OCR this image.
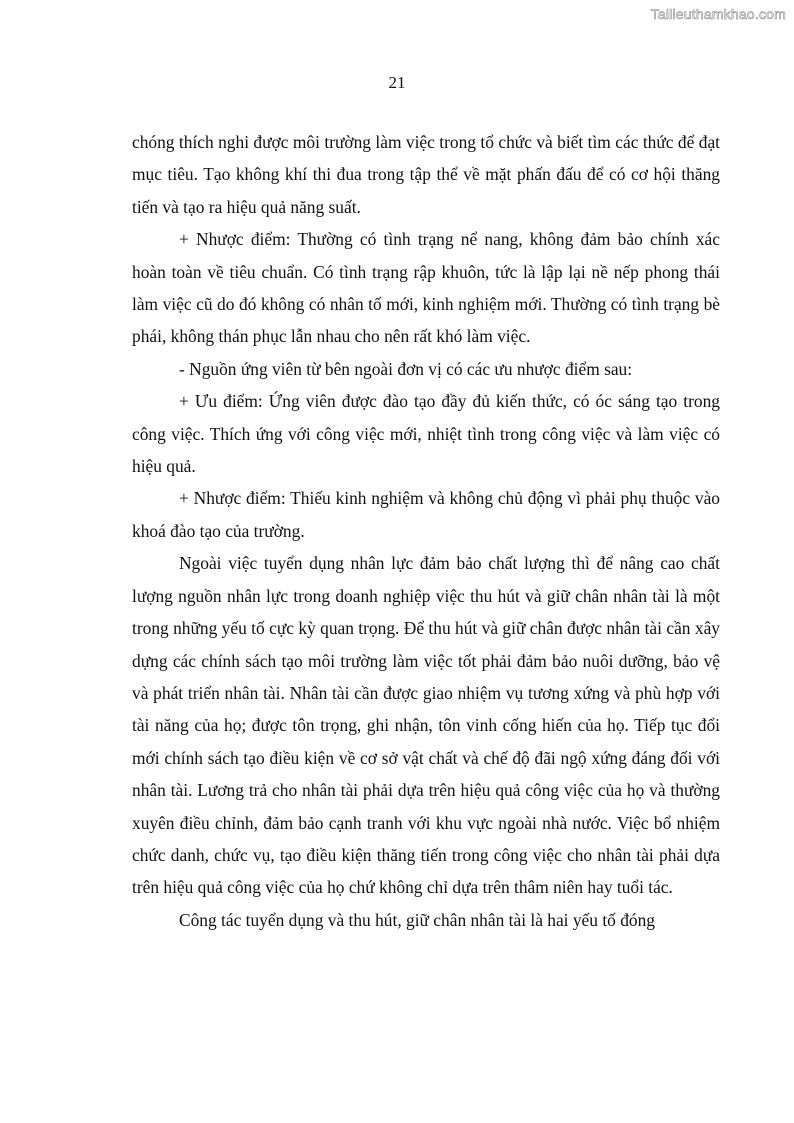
Tailieuthamkhao.com
21

chóng thích nghi được môi trường làm việc trong tổ chức và biết tìm các thức để đạt mục tiêu. Tạo không khí thi đua trong tập thể về mặt phấn đấu để có cơ hội thăng tiến và tạo ra hiệu quả năng suất.

+ Nhược điểm: Thường có tình trạng nể nang, không đảm bảo chính xác hoàn toàn về tiêu chuẩn. Có tình trạng rập khuôn, tức là lập lại nề nếp phong thái làm việc cũ do đó không có nhân tố mới, kinh nghiệm mới. Thường có tình trạng bè phái, không thán phục lẫn nhau cho nên rất khó làm việc.

- Nguồn ứng viên từ bên ngoài đơn vị có các ưu nhược điểm sau:

+ Ưu điểm: Ứng viên được đào tạo đầy đủ kiến thức, có óc sáng tạo trong công việc. Thích ứng với công việc mới, nhiệt tình trong công việc và làm việc có hiệu quả.

+ Nhược điểm: Thiếu kinh nghiệm và không chủ động vì phải phụ thuộc vào khoá đào tạo của trường.

Ngoài việc tuyển dụng nhân lực đảm bảo chất lượng thì để nâng cao chất lượng nguồn nhân lực trong doanh nghiệp việc thu hút và giữ chân nhân tài là một trong những yếu tố cực kỳ quan trọng. Để thu hút và giữ chân được nhân tài cần xây dựng các chính sách tạo môi trường làm việc tốt phải đảm bảo nuôi dưỡng, bảo vệ và phát triển nhân tài. Nhân tài cần được giao nhiệm vụ tương xứng và phù hợp với tài năng của họ; được tôn trọng, ghi nhận, tôn vinh cống hiến của họ. Tiếp tục đổi mới chính sách tạo điều kiện về cơ sở vật chất và chế độ đãi ngộ xứng đáng đối với nhân tài. Lương trả cho nhân tài phải dựa trên hiệu quả công việc của họ và thường xuyên điều chỉnh, đảm bảo cạnh tranh với khu vực ngoài nhà nước. Việc bổ nhiệm chức danh, chức vụ, tạo điều kiện thăng tiến trong công việc cho nhân tài phải dựa trên hiệu quả công việc của họ chứ không chỉ dựa trên thâm niên hay tuổi tác.

Công tác tuyển dụng và thu hút, giữ chân nhân tài là hai yếu tố đóng
